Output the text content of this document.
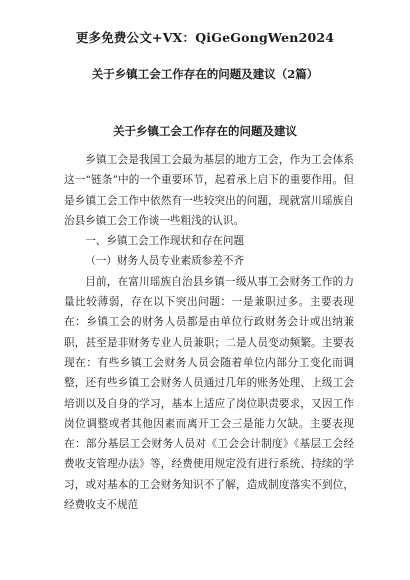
更多免费公文+VX：QiGeGongWen2024
关于乡镇工会工作存在的问题及建议（2篇）
关于乡镇工会工作存在的问题及建议

乡镇工会是我国工会最为基层的地方工会，作为工会体系这一“链条”中的一个重要环节，起着承上启下的重要作用。但是乡镇工会工作中依然有一些较突出的问题，现就富川瑶族自治县乡镇工会工作谈一些粗浅的认识。

一、乡镇工会工作现状和存在问题

（一）财务人员专业素质参差不齐

目前，在富川瑶族自治县乡镇一级从事工会财务工作的力量比较薄弱，存在以下突出问题：一是兼职过多。主要表现在：乡镇工会的财务人员都是由单位行政财务会计或出纳兼职，甚至是非财务专业人员兼职；二是人员变动频繁。主要表现在：有些乡镇工会财务人员会随着单位内部分工变化而调整，还有些乡镇工会财务人员通过几年的账务处理、上级工会培训以及自身的学习，基本上适应了岗位职责要求，又因工作岗位调整或者其他因素而离开工会三是能力欠缺。主要表现在：部分基层工会财务人员对《工会会计制度》《基层工会经费收支管理办法》等，经费使用规定没有进行系统、持续的学习，或对基本的工会财务知识不了解，造成制度落实不到位，经费收支不规范
